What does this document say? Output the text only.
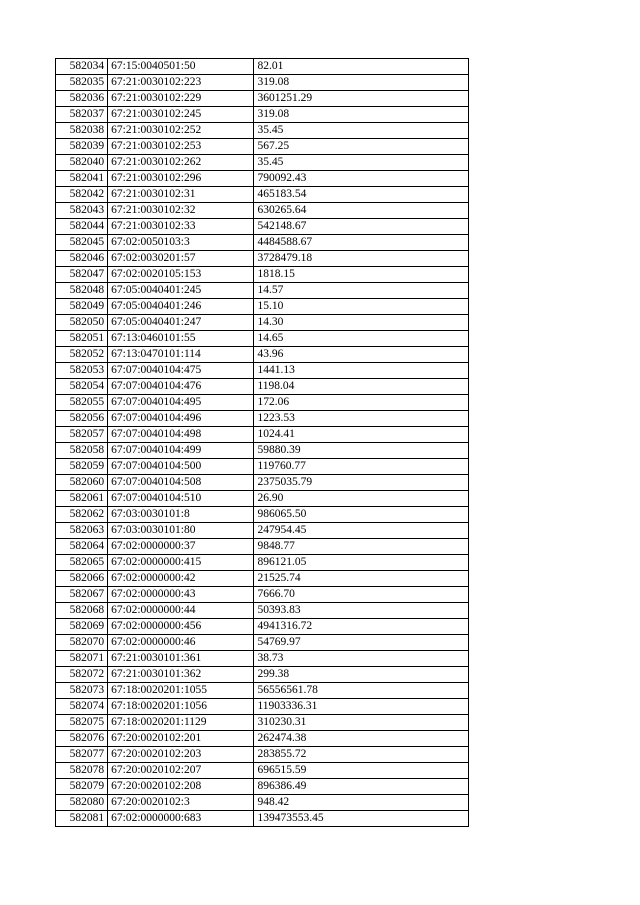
582034	67:15:0040501:50	82.01
582035	67:21:0030102:223	319.08
582036	67:21:0030102:229	3601251.29
582037	67:21:0030102:245	319.08
582038	67:21:0030102:252	35.45
582039	67:21:0030102:253	567.25
582040	67:21:0030102:262	35.45
582041	67:21:0030102:296	790092.43
582042	67:21:0030102:31	465183.54
582043	67:21:0030102:32	630265.64
582044	67:21:0030102:33	542148.67
582045	67:02:0050103:3	4484588.67
582046	67:02:0030201:57	3728479.18
582047	67:02:0020105:153	1818.15
582048	67:05:0040401:245	14.57
582049	67:05:0040401:246	15.10
582050	67:05:0040401:247	14.30
582051	67:13:0460101:55	14.65
582052	67:13:0470101:114	43.96
582053	67:07:0040104:475	1441.13
582054	67:07:0040104:476	1198.04
582055	67:07:0040104:495	172.06
582056	67:07:0040104:496	1223.53
582057	67:07:0040104:498	1024.41
582058	67:07:0040104:499	59880.39
582059	67:07:0040104:500	119760.77
582060	67:07:0040104:508	2375035.79
582061	67:07:0040104:510	26.90
582062	67:03:0030101:8	986065.50
582063	67:03:0030101:80	247954.45
582064	67:02:0000000:37	9848.77
582065	67:02:0000000:415	896121.05
582066	67:02:0000000:42	21525.74
582067	67:02:0000000:43	7666.70
582068	67:02:0000000:44	50393.83
582069	67:02:0000000:456	4941316.72
582070	67:02:0000000:46	54769.97
582071	67:21:0030101:361	38.73
582072	67:21:0030101:362	299.38
582073	67:18:0020201:1055	56556561.78
582074	67:18:0020201:1056	11903336.31
582075	67:18:0020201:1129	310230.31
582076	67:20:0020102:201	262474.38
582077	67:20:0020102:203	283855.72
582078	67:20:0020102:207	696515.59
582079	67:20:0020102:208	896386.49
582080	67:20:0020102:3	948.42
582081	67:02:0000000:683	139473553.45
